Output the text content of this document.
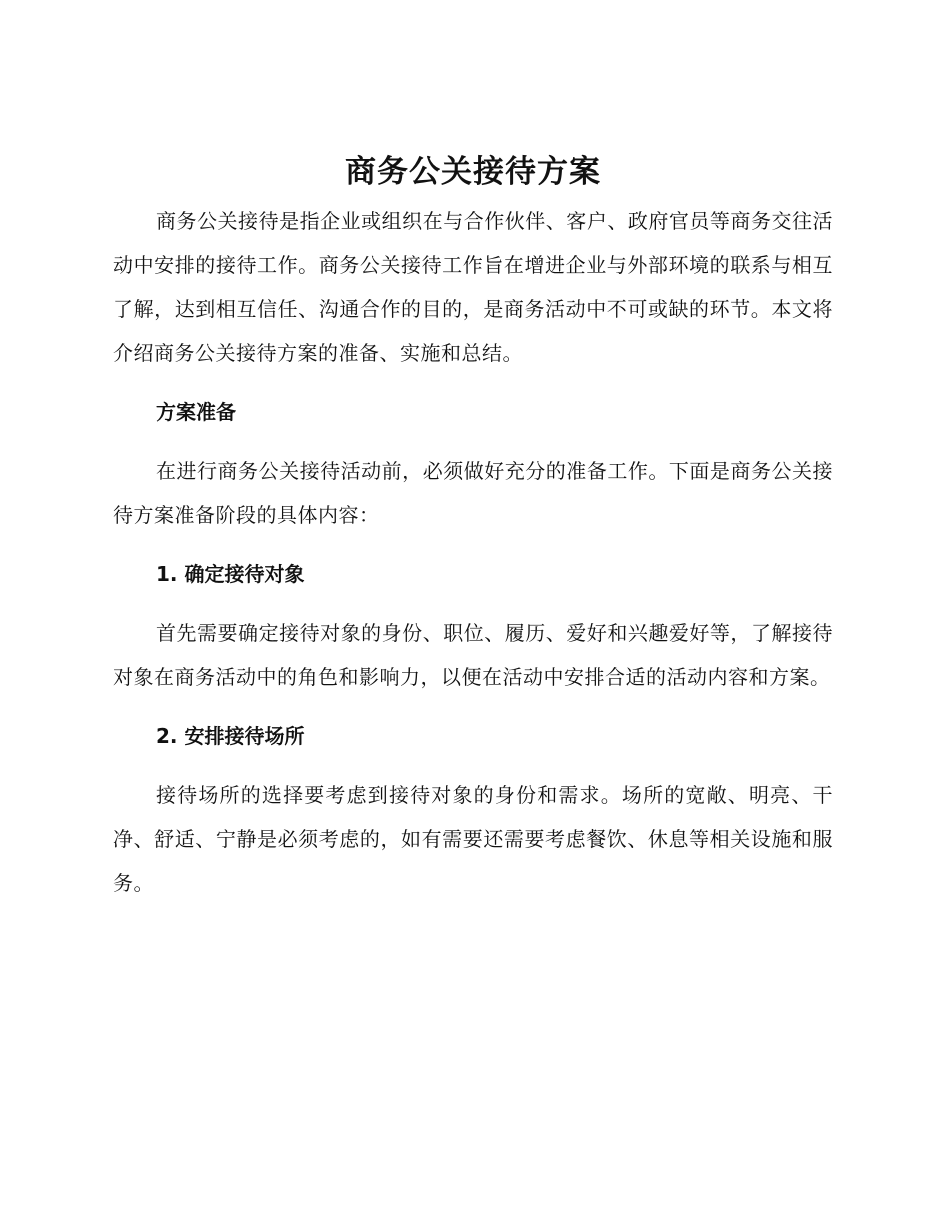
商务公关接待方案

商务公关接待是指企业或组织在与合作伙伴、客户、政府官员等商务交往活动中安排的接待工作。商务公关接待工作旨在增进企业与外部环境的联系与相互了解，达到相互信任、沟通合作的目的，是商务活动中不可或缺的环节。本文将介绍商务公关接待方案的准备、实施和总结。

方案准备

在进行商务公关接待活动前，必须做好充分的准备工作。下面是商务公关接待方案准备阶段的具体内容：

1. 确定接待对象

首先需要确定接待对象的身份、职位、履历、爱好和兴趣爱好等，了解接待对象在商务活动中的角色和影响力，以便在活动中安排合适的活动内容和方案。

2. 安排接待场所

接待场所的选择要考虑到接待对象的身份和需求。场所的宽敞、明亮、干净、舒适、宁静是必须考虑的，如有需要还需要考虑餐饮、休息等相关设施和服务。
